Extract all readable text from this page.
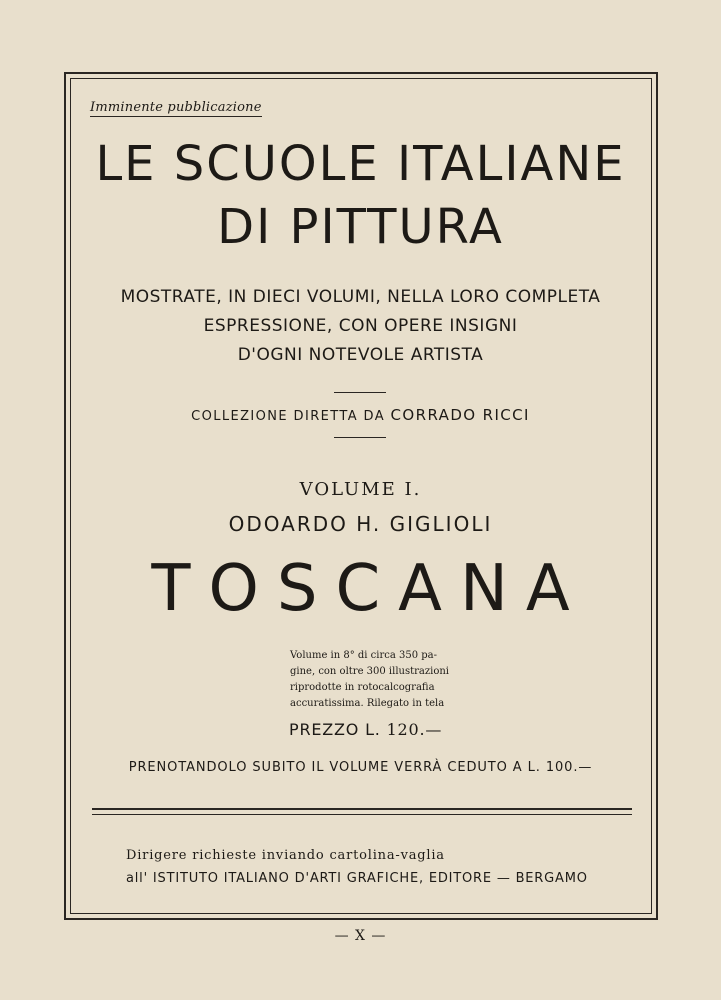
Imminente pubblicazione
LE SCUOLE ITALIANE
DI PITTURA
MOSTRATE, IN DIECI VOLUMI, NELLA LORO COMPLETA
ESPRESSIONE, CON OPERE INSIGNI
D'OGNI NOTEVOLE ARTISTA
COLLEZIONE DIRETTA DA CORRADO RICCI
VOLUME I.
ODOARDO H. GIGLIOLI
TOSCANA
Volume in 8° di circa 350 pa-
gine, con oltre 300 illustrazioni
riprodotte in rotocalcografia
accuratissima. Rilegato in tela
PREZZO L. 120.—
PRENOTANDOLO SUBITO IL VOLUME VERRÀ CEDUTO A L. 100.—
Dirigere richieste inviando cartolina-vaglia
all' ISTITUTO ITALIANO D'ARTI GRAFICHE, EDITORE — BERGAMO
— X —
